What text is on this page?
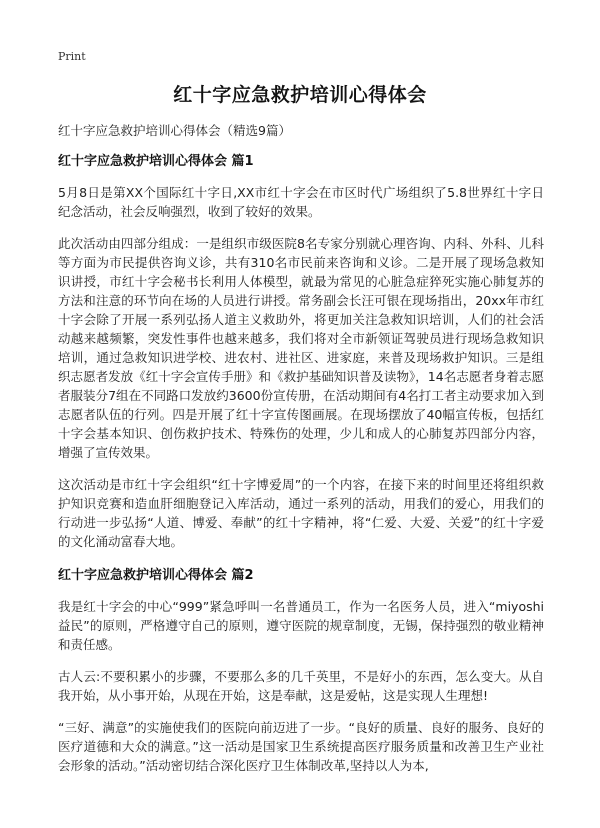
Print
红十字应急救护培训心得体会
红十字应急救护培训心得体会（精选9篇）
红十字应急救护培训心得体会 篇1

5月8日是第XX个国际红十字日,XX市红十字会在市区时代广场组织了5.8世界红十字日纪念活动，社会反响强烈，收到了较好的效果。

此次活动由四部分组成：一是组织市级医院8名专家分别就心理咨询、内科、外科、儿科等方面为市民提供咨询义诊，共有310名市民前来咨询和义诊。二是开展了现场急救知识讲授，市红十字会秘书长利用人体模型，就最为常见的心脏急症猝死实施心肺复苏的方法和注意的环节向在场的人员进行讲授。常务副会长汪可银在现场指出，20xx年市红十字会除了开展一系列弘扬人道主义救助外，将更加关注急救知识培训，人们的社会活动越来越频繁，突发性事件也越来越多，我们将对全市新领证驾驶员进行现场急救知识培训，通过急救知识进学校、进农村、进社区、进家庭，来普及现场救护知识。三是组织志愿者发放《红十字会宣传手册》和《救护基础知识普及读物》，14名志愿者身着志愿者服装分7组在不同路口发放约3600份宣传册，在活动期间有4名打工者主动要求加入到志愿者队伍的行列。四是开展了红十字宣传图画展。在现场摆放了40幅宣传板，包括红十字会基本知识、创伤救护技术、特殊伤的处理，少儿和成人的心肺复苏四部分内容，增强了宣传效果。

这次活动是市红十字会组织“红十字博爱周”的一个内容，在接下来的时间里还将组织救护知识竞赛和造血肝细胞登记入库活动，通过一系列的活动，用我们的爱心，用我们的行动进一步弘扬“人道、博爱、奉献”的红十字精神，将“仁爱、大爱、关爱”的红十字爱的文化涌动富春大地。

红十字应急救护培训心得体会 篇2

我是红十字会的中心“999”紧急呼叫一名普通员工，作为一名医务人员，进入“miyoshi 益民”的原则，严格遵守自己的原则，遵守医院的规章制度，无锡，保持强烈的敬业精神和责任感。

古人云:不要积累小的步骤，不要那么多的几千英里，不是好小的东西，怎么变大。从自我开始，从小事开始，从现在开始，这是奉献，这是爱帖，这是实现人生理想!

“三好、满意”的实施使我们的医院向前迈进了一步。“良好的质量、良好的服务、良好的医疗道德和大众的满意。”这一活动是国家卫生系统提高医疗服务质量和改善卫生产业社会形象的活动。”活动密切结合深化医疗卫生体制改革,坚持以人为本,
